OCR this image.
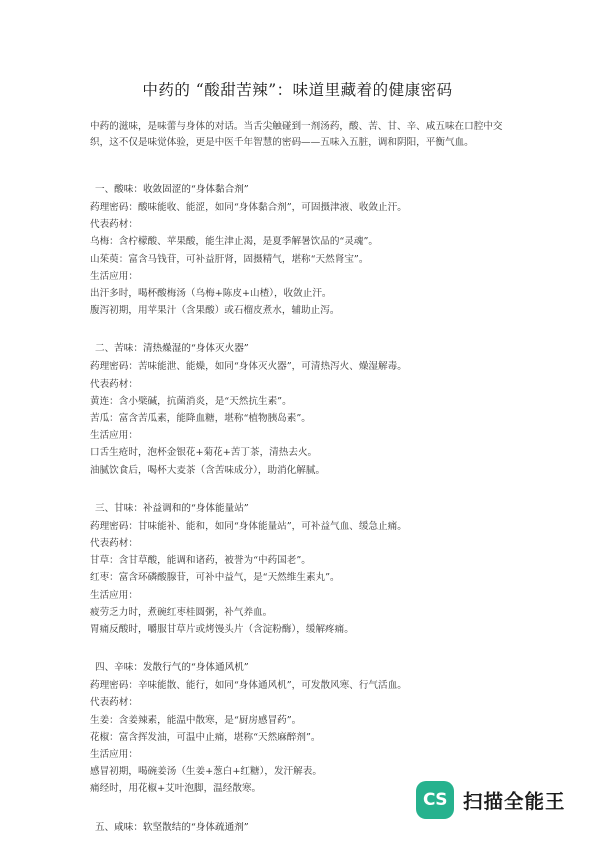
中药的 “酸甜苦辣”：味道里藏着的健康密码

中药的滋味，是味蕾与身体的对话。当舌尖触碰到一剂汤药，酸、苦、甘、辛、咸五味在口腔中交织，这不仅是味觉体验，更是中医千年智慧的密码——五味入五脏，调和阴阳，平衡气血。

一、酸味：收敛固涩的“身体黏合剂”
药理密码：酸味能收、能涩，如同“身体黏合剂”，可固摄津液、收敛止汗。
代表药材：
乌梅：含柠檬酸、苹果酸，能生津止渴，是夏季解暑饮品的“灵魂”。
山茱萸：富含马钱苷，可补益肝肾，固摄精气，堪称“天然肾宝”。
生活应用：
出汗多时，喝杯酸梅汤（乌梅+陈皮+山楂），收敛止汗。
腹泻初期，用苹果汁（含果酸）或石榴皮煮水，辅助止泻。
二、苦味：清热燥湿的“身体灭火器”
药理密码：苦味能泄、能燥，如同“身体灭火器”，可清热泻火、燥湿解毒。
代表药材：
黄连：含小檗碱，抗菌消炎，是“天然抗生素”。
苦瓜：富含苦瓜素，能降血糖，堪称“植物胰岛素”。
生活应用：
口舌生疮时，泡杯金银花+菊花+苦丁茶，清热去火。
油腻饮食后，喝杯大麦茶（含苦味成分），助消化解腻。
三、甘味：补益调和的“身体能量站”
药理密码：甘味能补、能和，如同“身体能量站”，可补益气血、缓急止痛。
代表药材：
甘草：含甘草酸，能调和诸药，被誉为“中药国老”。
红枣：富含环磷酸腺苷，可补中益气，是“天然维生素丸”。
生活应用：
疲劳乏力时，煮碗红枣桂圆粥，补气养血。
胃痛反酸时，嚼服甘草片或烤馒头片（含淀粉酶），缓解疼痛。
四、辛味：发散行气的“身体通风机”
药理密码：辛味能散、能行，如同“身体通风机”，可发散风寒、行气活血。
代表药材：
生姜：含姜辣素，能温中散寒，是“厨房感冒药”。
花椒：富含挥发油，可温中止痛，堪称“天然麻醉剂”。
生活应用：
感冒初期，喝碗姜汤（生姜+葱白+红糖），发汗解表。
痛经时，用花椒+艾叶泡脚，温经散寒。
五、咸味：软坚散结的“身体疏通剂”
CS 扫描全能王
